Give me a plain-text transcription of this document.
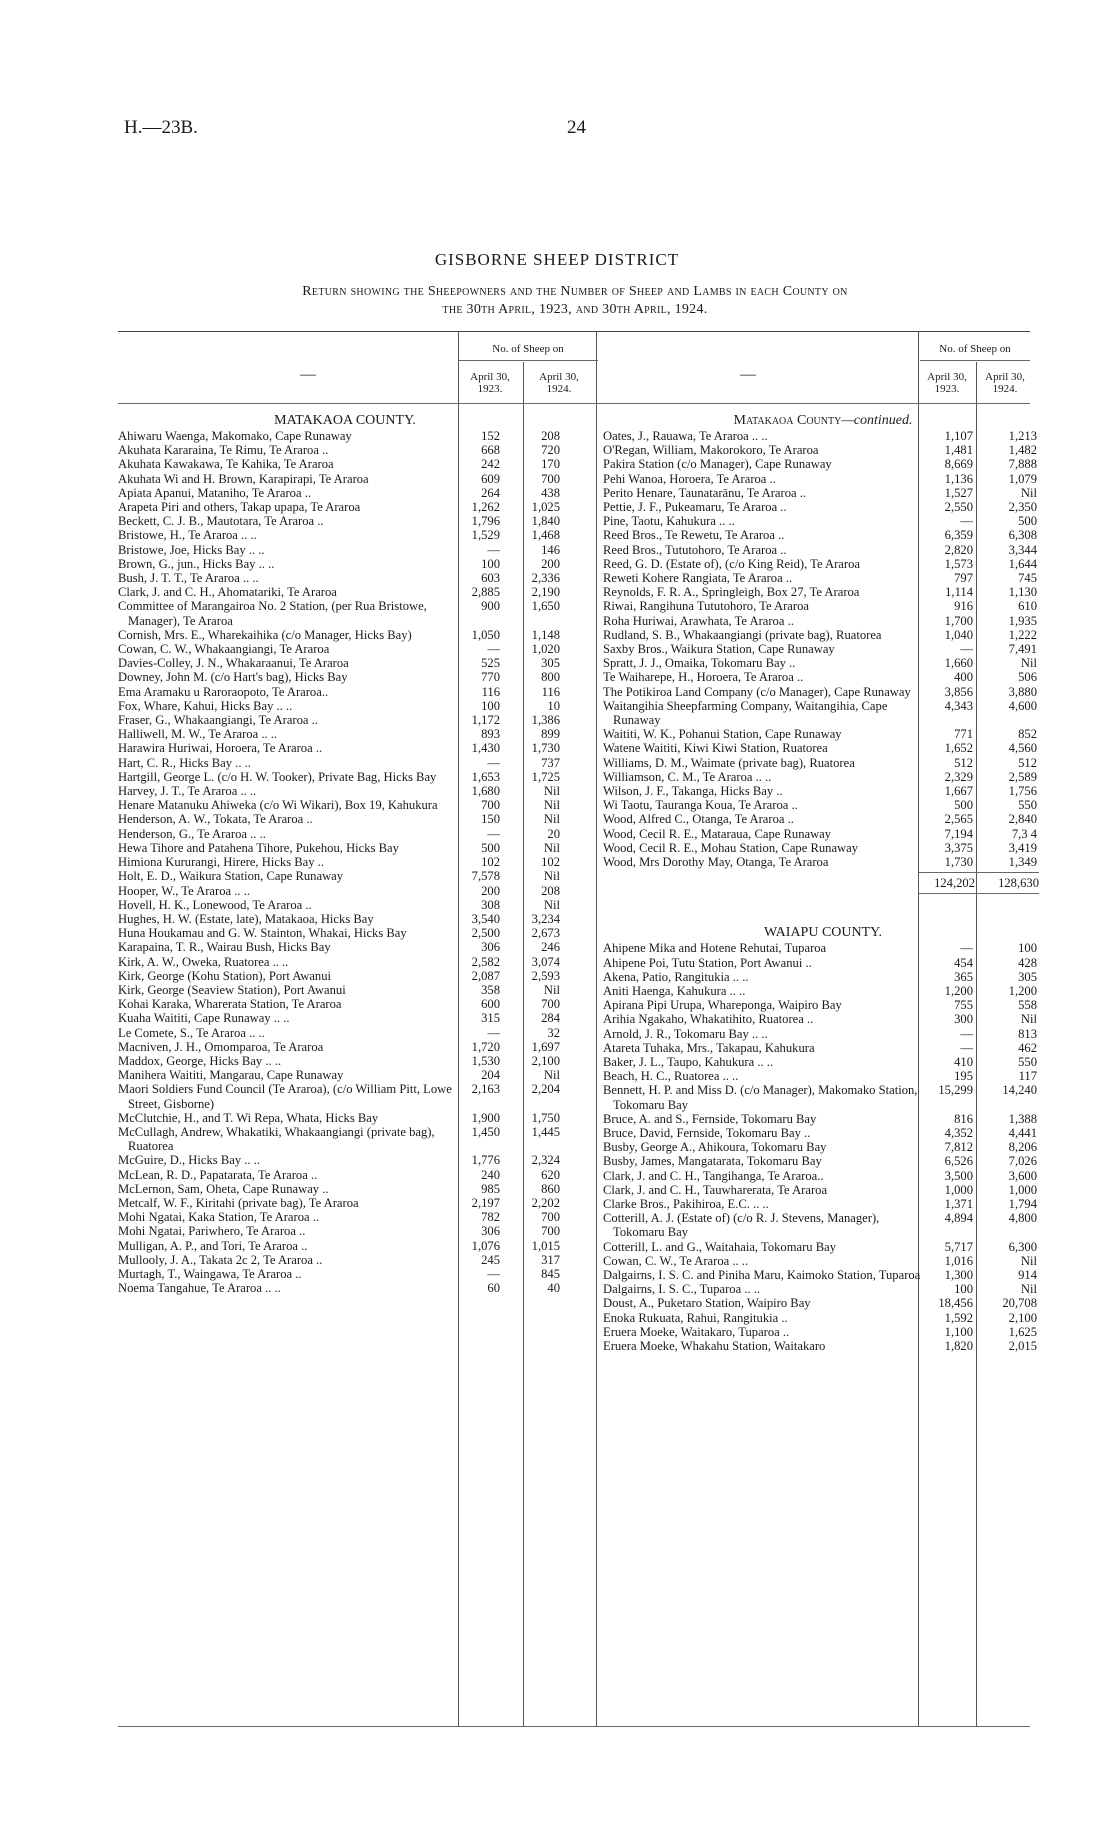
H.—23B.	24
GISBORNE SHEEP DISTRICT
Return showing the Sheepowners and the Number of Sheep and Lambs in each County on
the 30th April, 1923, and 30th April, 1924.
—
No. of Sheep on
April 30, 1923.
April 30, 1924.
—
No. of Sheep on
April 30, 1923.
April 30, 1924.
MATAKAOA COUNTY.
Ahiwaru Waenga, Makomako, Cape Runaway	152	208
Akuhata Kararaina, Te Rimu, Te Araroa ..	668	720
Akuhata Kawakawa, Te Kahika, Te Araroa	242	170
Akuhata Wi and H. Brown, Karapirapi, Te Araroa	609	700
Apiata Apanui, Mataniho, Te Araroa ..	264	438
Arapeta Piri and others, Takap upapa, Te Araroa	1,262	1,025
Beckett, C. J. B., Mautotara, Te Araroa ..	1,796	1,840
Bristowe, H., Te Araroa .. ..	1,529	1,468
Bristowe, Joe, Hicks Bay .. ..	—	146
Brown, G., jun., Hicks Bay .. ..	100	200
Bush, J. T. T., Te Araroa .. ..	603	2,336
Clark, J. and C. H., Ahomatariki, Te Araroa	2,885	2,190
Committee of Marangairoa No. 2 Station, (per Rua Bristowe, Manager), Te Araroa
900	1,650
Cornish, Mrs. E., Wharekaihika (c/o Manager, Hicks Bay)	1,050	1,148
Cowan, C. W., Whakaangiangi, Te Araroa	—	1,020
Davies-Colley, J. N., Whakaraanui, Te Araroa	525	305
Downey, John M. (c/o Hart's bag), Hicks Bay	770	800
Ema Aramaku u Raroraopoto, Te Araroa..	116	116
Fox, Whare, Kahui, Hicks Bay .. ..	100	10
Fraser, G., Whakaangiangi, Te Araroa ..	1,172	1,386
Halliwell, M. W., Te Araroa .. ..	893	899
Harawira Huriwai, Horoera, Te Araroa ..	1,430	1,730
Hart, C. R., Hicks Bay .. ..	—	737
Hartgill, George L. (c/o H. W. Tooker), Private Bag, Hicks Bay	1,653	1,725
Harvey, J. T., Te Araroa .. ..	1,680	Nil
Henare Matanuku Ahiweka (c/o Wi Wikari), Box 19, Kahukura	700	Nil
Henderson, A. W., Tokata, Te Araroa ..	150	Nil
Henderson, G., Te Araroa .. ..	—	20
Hewa Tihore and Patahena Tihore, Pukehou, Hicks Bay	500	Nil
Himiona Kururangi, Hirere, Hicks Bay ..	102	102
Holt, E. D., Waikura Station, Cape Runaway	7,578	Nil
Hooper, W., Te Araroa .. ..	200	208
Hovell, H. K., Lonewood, Te Araroa ..	308	Nil
Hughes, H. W. (Estate, late), Matakaoa, Hicks Bay	3,540	3,234
Huna Houkamau and G. W. Stainton, Whakai, Hicks Bay	2,500	2,673
Karapaina, T. R., Wairau Bush, Hicks Bay	306	246
Kirk, A. W., Oweka, Ruatorea .. ..	2,582	3,074
Kirk, George (Kohu Station), Port Awanui	2,087	2,593
Kirk, George (Seaview Station), Port Awanui	358	Nil
Kohai Karaka, Wharerata Station, Te Araroa	600	700
Kuaha Waititi, Cape Runaway .. ..	315	284
Le Comete, S., Te Araroa .. ..	—	32
Macniven, J. H., Omomparoa, Te Araroa	1,720	1,697
Maddox, George, Hicks Bay .. ..	1,530	2,100
Manihera Waititi, Mangarau, Cape Runaway	204	Nil
Maori Soldiers Fund Council (Te Araroa), (c/o William Pitt, Lowe Street, Gisborne)
2,163	2,204
McClutchie, H., and T. Wi Repa, Whata, Hicks Bay	1,900	1,750
McCullagh, Andrew, Whakatiki, Whakaangiangi (private bag), Ruatorea
1,450	1,445
McGuire, D., Hicks Bay .. ..	1,776	2,324
McLean, R. D., Papatarata, Te Araroa ..	240	620
McLernon, Sam, Oheta, Cape Runaway ..	985	860
Metcalf, W. F., Kiritahi (private bag), Te Araroa	2,197	2,202
Mohi Ngatai, Kaka Station, Te Araroa ..	782	700
Mohi Ngatai, Pariwhero, Te Araroa ..	306	700
Mulligan, A. P., and Tori, Te Araroa ..	1,076	1,015
Mullooly, J. A., Takata 2c 2, Te Araroa ..	245	317
Murtagh, T., Waingawa, Te Araroa ..	—	845
Noema Tangahue, Te Araroa .. ..	60	40
Matakaoa County—continued.
Oates, J., Rauawa, Te Araroa .. ..	1,107	1,213
O'Regan, William, Makorokoro, Te Araroa	1,481	1,482
Pakira Station (c/o Manager), Cape Runaway	8,669	7,888
Pehi Wanoa, Horoera, Te Araroa ..	1,136	1,079
Perito Henare, Taunatarānu, Te Araroa ..	1,527	Nil
Pettie, J. F., Pukeamaru, Te Araroa ..	2,550	2,350
Pine, Taotu, Kahukura .. ..	—	500
Reed Bros., Te Rewetu, Te Araroa ..	6,359	6,308
Reed Bros., Tututohoro, Te Araroa ..	2,820	3,344
Reed, G. D. (Estate of), (c/o King Reid), Te Araroa	1,573	1,644
Reweti Kohere Rangiata, Te Araroa ..	797	745
Reynolds, F. R. A., Springleigh, Box 27, Te Araroa	1,114	1,130
Riwai, Rangihuna Tututohoro, Te Araroa	916	610
Roha Huriwai, Arawhata, Te Araroa ..	1,700	1,935
Rudland, S. B., Whakaangiangi (private bag), Ruatorea	1,040	1,222
Saxby Bros., Waikura Station, Cape Runaway	—	7,491
Spratt, J. J., Omaika, Tokomaru Bay ..	1,660	Nil
Te Waiharepe, H., Horoera, Te Araroa ..	400	506
The Potikiroa Land Company (c/o Manager), Cape Runaway	3,856	3,880
Waitangihia Sheepfarming Company, Waitangihia, Cape Runaway
4,343	4,600
Waititi, W. K., Pohanui Station, Cape Runaway	771	852
Watene Waititi, Kiwi Kiwi Station, Ruatorea	1,652	4,560
Williams, D. M., Waimate (private bag), Ruatorea	512	512
Williamson, C. M., Te Araroa .. ..	2,329	2,589
Wilson, J. F., Takanga, Hicks Bay ..	1,667	1,756
Wi Taotu, Tauranga Koua, Te Araroa ..	500	550
Wood, Alfred C., Otanga, Te Araroa ..	2,565	2,840
Wood, Cecil R. E., Mataraua, Cape Runaway	7,194	7,3 4
Wood, Cecil R. E., Mohau Station, Cape Runaway	3,375	3,419
Wood, Mrs Dorothy May, Otanga, Te Araroa	1,730	1,349
124,202	128,630
WAIAPU COUNTY.
Ahipene Mika and Hotene Rehutai, Tuparoa	—	100
Ahipene Poi, Tutu Station, Port Awanui ..	454	428
Akena, Patio, Rangitukia .. ..	365	305
Aniti Haenga, Kahukura .. ..	1,200	1,200
Apirana Pipi Urupa, Whareponga, Waipiro Bay	755	558
Arihia Ngakaho, Whakatihito, Ruatorea ..	300	Nil
Arnold, J. R., Tokomaru Bay .. ..	—	813
Atareta Tuhaka, Mrs., Takapau, Kahukura	—	462
Baker, J. L., Taupo, Kahukura .. ..	410	550
Beach, H. C., Ruatorea .. ..	195	117
Bennett, H. P. and Miss D. (c/o Manager), Makomako Station, Tokomaru Bay
15,299	14,240
Bruce, A. and S., Fernside, Tokomaru Bay	816	1,388
Bruce, David, Fernside, Tokomaru Bay ..	4,352	4,441
Busby, George A., Ahikoura, Tokomaru Bay	7,812	8,206
Busby, James, Mangatarata, Tokomaru Bay	6,526	7,026
Clark, J. and C. H., Tangihanga, Te Araroa..	3,500	3,600
Clark, J. and C. H., Tauwharerata, Te Araroa	1,000	1,000
Clarke Bros., Pakihiroa, E.C. .. ..	1,371	1,794
Cotterill, A. J. (Estate of) (c/o R. J. Stevens, Manager), Tokomaru Bay
4,894	4,800
Cotterill, L. and G., Waitahaia, Tokomaru Bay	5,717	6,300
Cowan, C. W., Te Araroa .. ..	1,016	Nil
Dalgairns, I. S. C. and Piniha Maru, Kaimoko Station, Tuparoa	1,300	914
Dalgairns, I. S. C., Tuparoa .. ..	100	Nil
Doust, A., Puketaro Station, Waipiro Bay	18,456	20,708
Enoka Rukuata, Rahui, Rangitukia ..	1,592	2,100
Eruera Moeke, Waitakaro, Tuparoa ..	1,100	1,625
Eruera Moeke, Whakahu Station, Waitakaro	1,820	2,015
